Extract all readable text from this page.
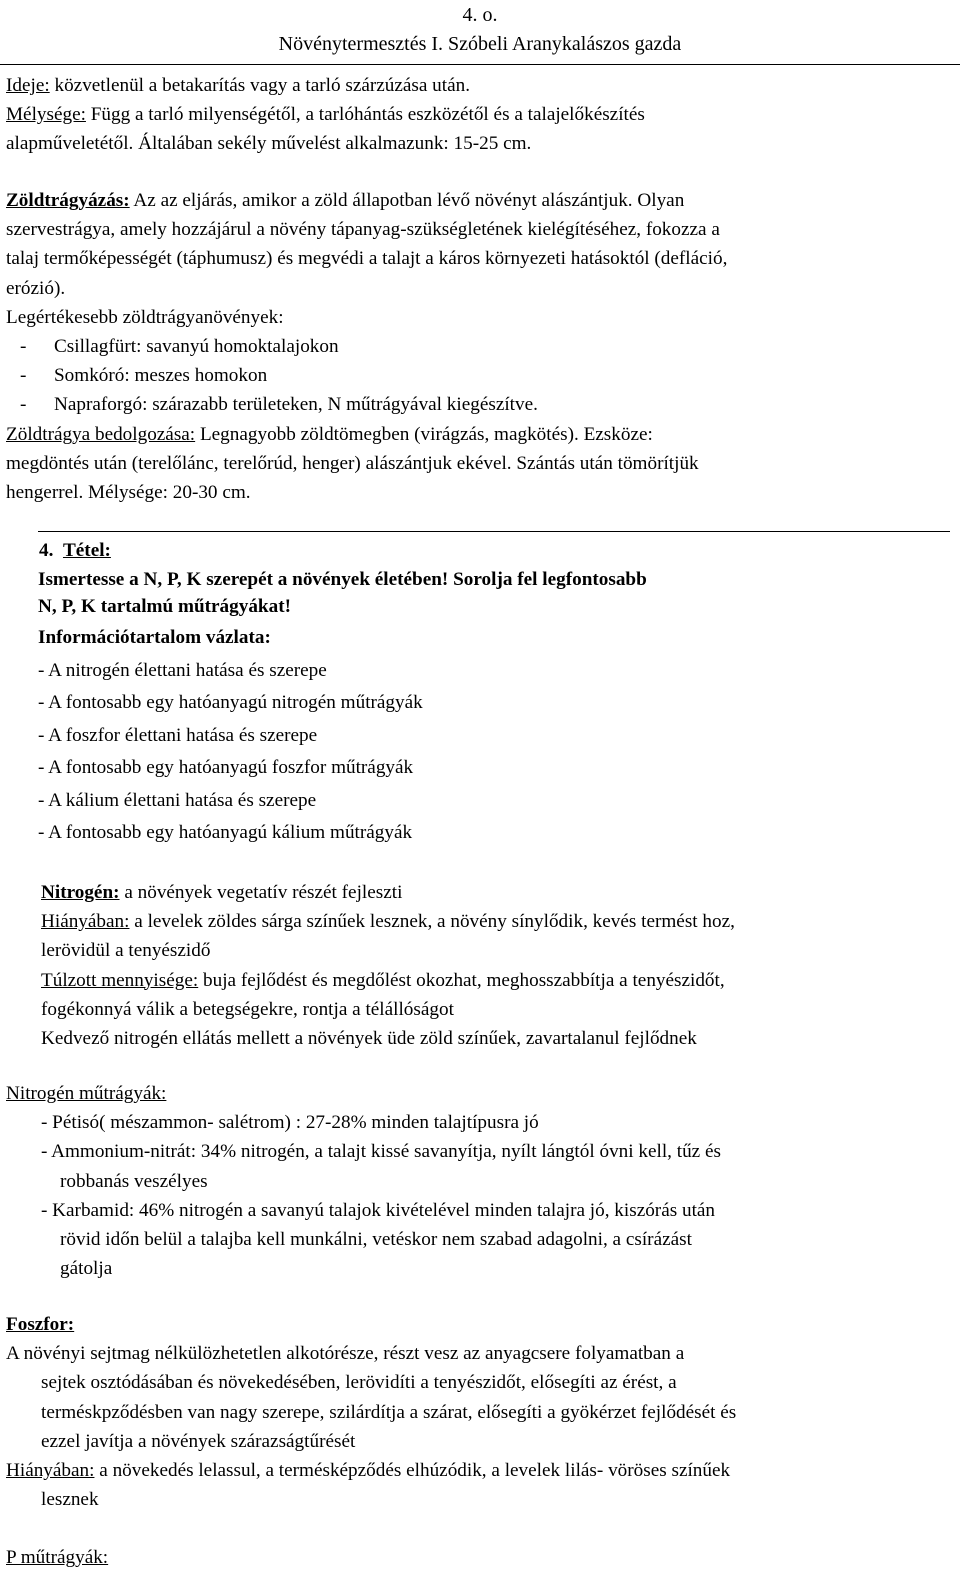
4. o.
Növénytermesztés I. Szóbeli Aranykalászos gazda
Ideje: közvetlenül a betakarítás vagy a tarló szárzúzása után.
Mélysége: Függ a tarló milyenségétől, a tarlóhántás eszközétől és a talajelőkészítés
alapműveletétől. Általában sekély művelést alkalmazunk: 15-25 cm.
Zöldtrágyázás: Az az eljárás, amikor a zöld állapotban lévő növényt alászántjuk. Olyan
szervestrágya, amely hozzájárul a növény tápanyag-szükségletének kielégítéséhez, fokozza a
talaj termőképességét (táphumusz) és megvédi a talajt a káros környezeti hatásoktól (defláció,
erózió).
Legértékesebb zöldtrágyanövények:
- Csillagfürt: savanyú homoktalajokon
- Somkóró: meszes homokon
- Napraforgó: szárazabb területeken, N műtrágyával kiegészítve.
Zöldtrágya bedolgozása: Legnagyobb zöldtömegben (virágzás, magkötés). Ezsköze:
megdöntés után (terelőlánc, terelőrúd, henger) alászántjuk ekével. Szántás után tömörítjük
hengerrel. Mélysége: 20-30 cm.
4. Tétel:
Ismertesse a N, P, K szerepét a növények életében! Sorolja fel legfontosabb
N, P, K tartalmú műtrágyákat!
Információtartalom vázlata:
- A nitrogén élettani hatása és szerepe
- A fontosabb egy hatóanyagú nitrogén műtrágyák
- A foszfor élettani hatása és szerepe
- A fontosabb egy hatóanyagú foszfor műtrágyák
- A kálium élettani hatása és szerepe
- A fontosabb egy hatóanyagú kálium műtrágyák
Nitrogén: a növények vegetatív részét fejleszti
Hiányában: a levelek zöldes sárga színűek lesznek, a növény sínylődik, kevés termést hoz,
lerövidül a tenyészidő
Túlzott mennyisége: buja fejlődést és megdőlést okozhat, meghosszabbítja a tenyészidőt,
fogékonnyá válik a betegségekre, rontja a télállóságot
Kedvező nitrogén ellátás mellett a növények üde zöld színűek, zavartalanul fejlődnek
Nitrogén műtrágyák:
- Pétisó( mészammon- salétrom) : 27-28% minden talajtípusra jó
- Ammonium-nitrát: 34% nitrogén, a talajt kissé savanyítja, nyílt lángtól óvni kell, tűz és
robbanás veszélyes
- Karbamid: 46% nitrogén a savanyú talajok kivételével minden talajra jó, kiszórás után
rövid időn belül a talajba kell munkálni, vetéskor nem szabad adagolni, a csírázást
gátolja
Foszfor:
A növényi sejtmag nélkülözhetetlen alkotórésze, részt vesz az anyagcsere folyamatban a
sejtek osztódásában és növekedésében, lerövidíti a tenyészidőt, elősegíti az érést, a
terméskpződésben van nagy szerepe, szilárdítja a szárat, elősegíti a gyökérzet fejlődését és
ezzel javítja a növények szárazságtűrését
Hiányában: a növekedés lelassul, a termésképződés elhúzódik, a levelek lilás- vöröses színűek
lesznek
P műtrágyák:
